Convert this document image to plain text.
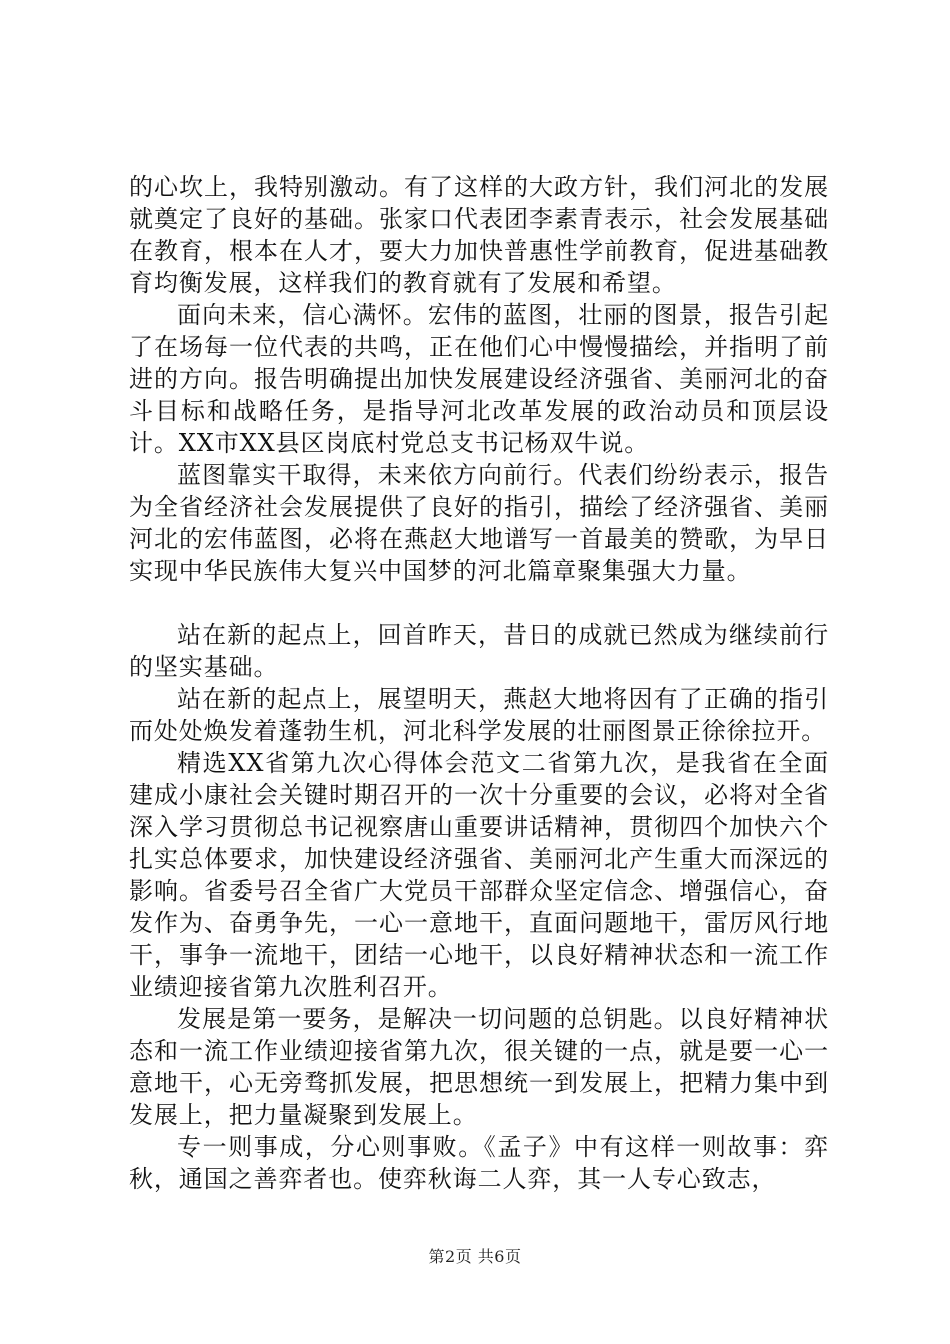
的心坎上，我特别激动。有了这样的大政方针，我们河北的发展就奠定了良好的基础。张家口代表团李素青表示，社会发展基础在教育，根本在人才，要大力加快普惠性学前教育，促进基础教育均衡发展，这样我们的教育就有了发展和希望。

面向未来，信心满怀。宏伟的蓝图，壮丽的图景，报告引起了在场每一位代表的共鸣，正在他们心中慢慢描绘，并指明了前进的方向。报告明确提出加快发展建设经济强省、美丽河北的奋斗目标和战略任务，是指导河北改革发展的政治动员和顶层设计。XX市XX县区岗底村党总支书记杨双牛说。

蓝图靠实干取得，未来依方向前行。代表们纷纷表示，报告为全省经济社会发展提供了良好的指引，描绘了经济强省、美丽河北的宏伟蓝图，必将在燕赵大地谱写一首最美的赞歌，为早日实现中华民族伟大复兴中国梦的河北篇章聚集强大力量。

站在新的起点上，回首昨天，昔日的成就已然成为继续前行的坚实基础。

站在新的起点上，展望明天，燕赵大地将因有了正确的指引而处处焕发着蓬勃生机，河北科学发展的壮丽图景正徐徐拉开。

精选XX省第九次心得体会范文二省第九次，是我省在全面建成小康社会关键时期召开的一次十分重要的会议，必将对全省深入学习贯彻总书记视察唐山重要讲话精神，贯彻四个加快六个扎实总体要求，加快建设经济强省、美丽河北产生重大而深远的影响。省委号召全省广大党员干部群众坚定信念、增强信心，奋发作为、奋勇争先，一心一意地干，直面问题地干，雷厉风行地干，事争一流地干，团结一心地干，以良好精神状态和一流工作业绩迎接省第九次胜利召开。

发展是第一要务，是解决一切问题的总钥匙。以良好精神状态和一流工作业绩迎接省第九次，很关键的一点，就是要一心一意地干，心无旁骛抓发展，把思想统一到发展上，把精力集中到发展上，把力量凝聚到发展上。

专一则事成，分心则事败。《孟子》中有这样一则故事：弈秋，通国之善弈者也。使弈秋诲二人弈，其一人专心致志，

第2页 共6页
